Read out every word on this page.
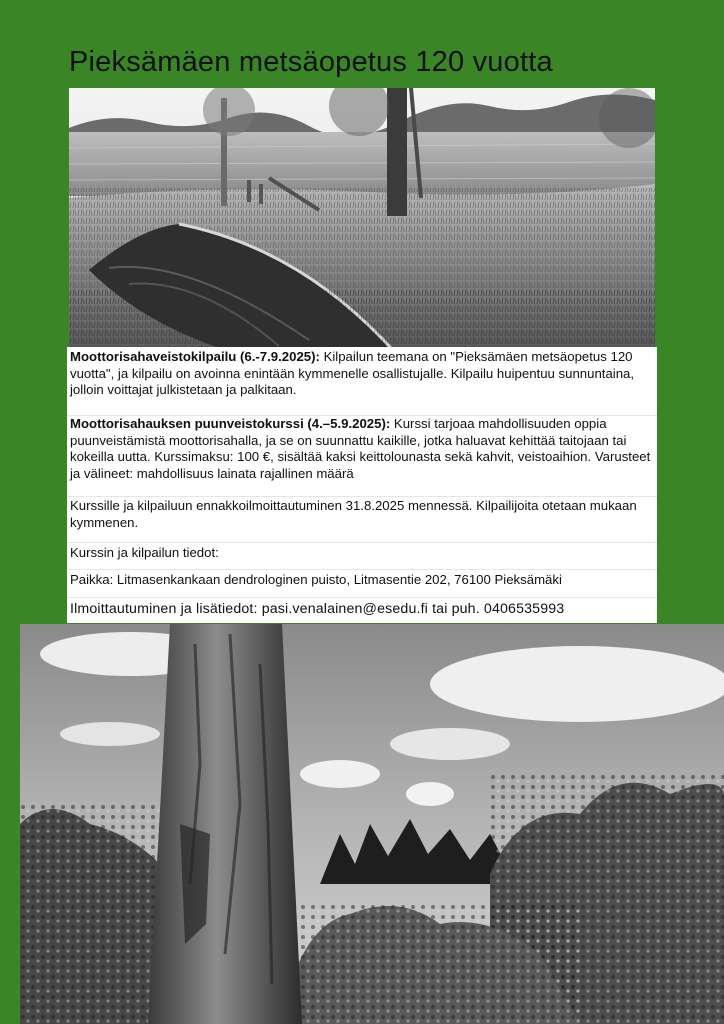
Pieksämäen metsäopetus 120 vuotta
Moottorisahaveistokilpailu (6.-7.9.2025): Kilpailun teemana on "Pieksämäen metsäopetus 120 vuotta", ja kilpailu on avoinna enintään kymmenelle osallistujalle. Kilpailu huipentuu sunnuntaina, jolloin voittajat julkistetaan ja palkitaan.
Moottorisahauksen puunveistokurssi (4.–5.9.2025): Kurssi tarjoaa mahdollisuuden oppia puunveistämistä moottorisahalla, ja se on suunnattu kaikille, jotka haluavat kehittää taitojaan tai kokeilla uutta. Kurssimaksu: 100 €, sisältää kaksi keittolounasta sekä kahvit, veistoaihion. Varusteet ja välineet: mahdollisuus lainata rajallinen määrä
Kurssille ja kilpailuun ennakkoilmoittautuminen 31.8.2025 mennessä. Kilpailijoita otetaan mukaan kymmenen.
Kurssin ja kilpailun tiedot:
Paikka: Litmasenkankaan dendrologinen puisto, Litmasentie 202, 76100 Pieksämäki
Ilmoittautuminen ja lisätiedot: pasi.venalainen@esedu.fi tai puh. 0406535993
